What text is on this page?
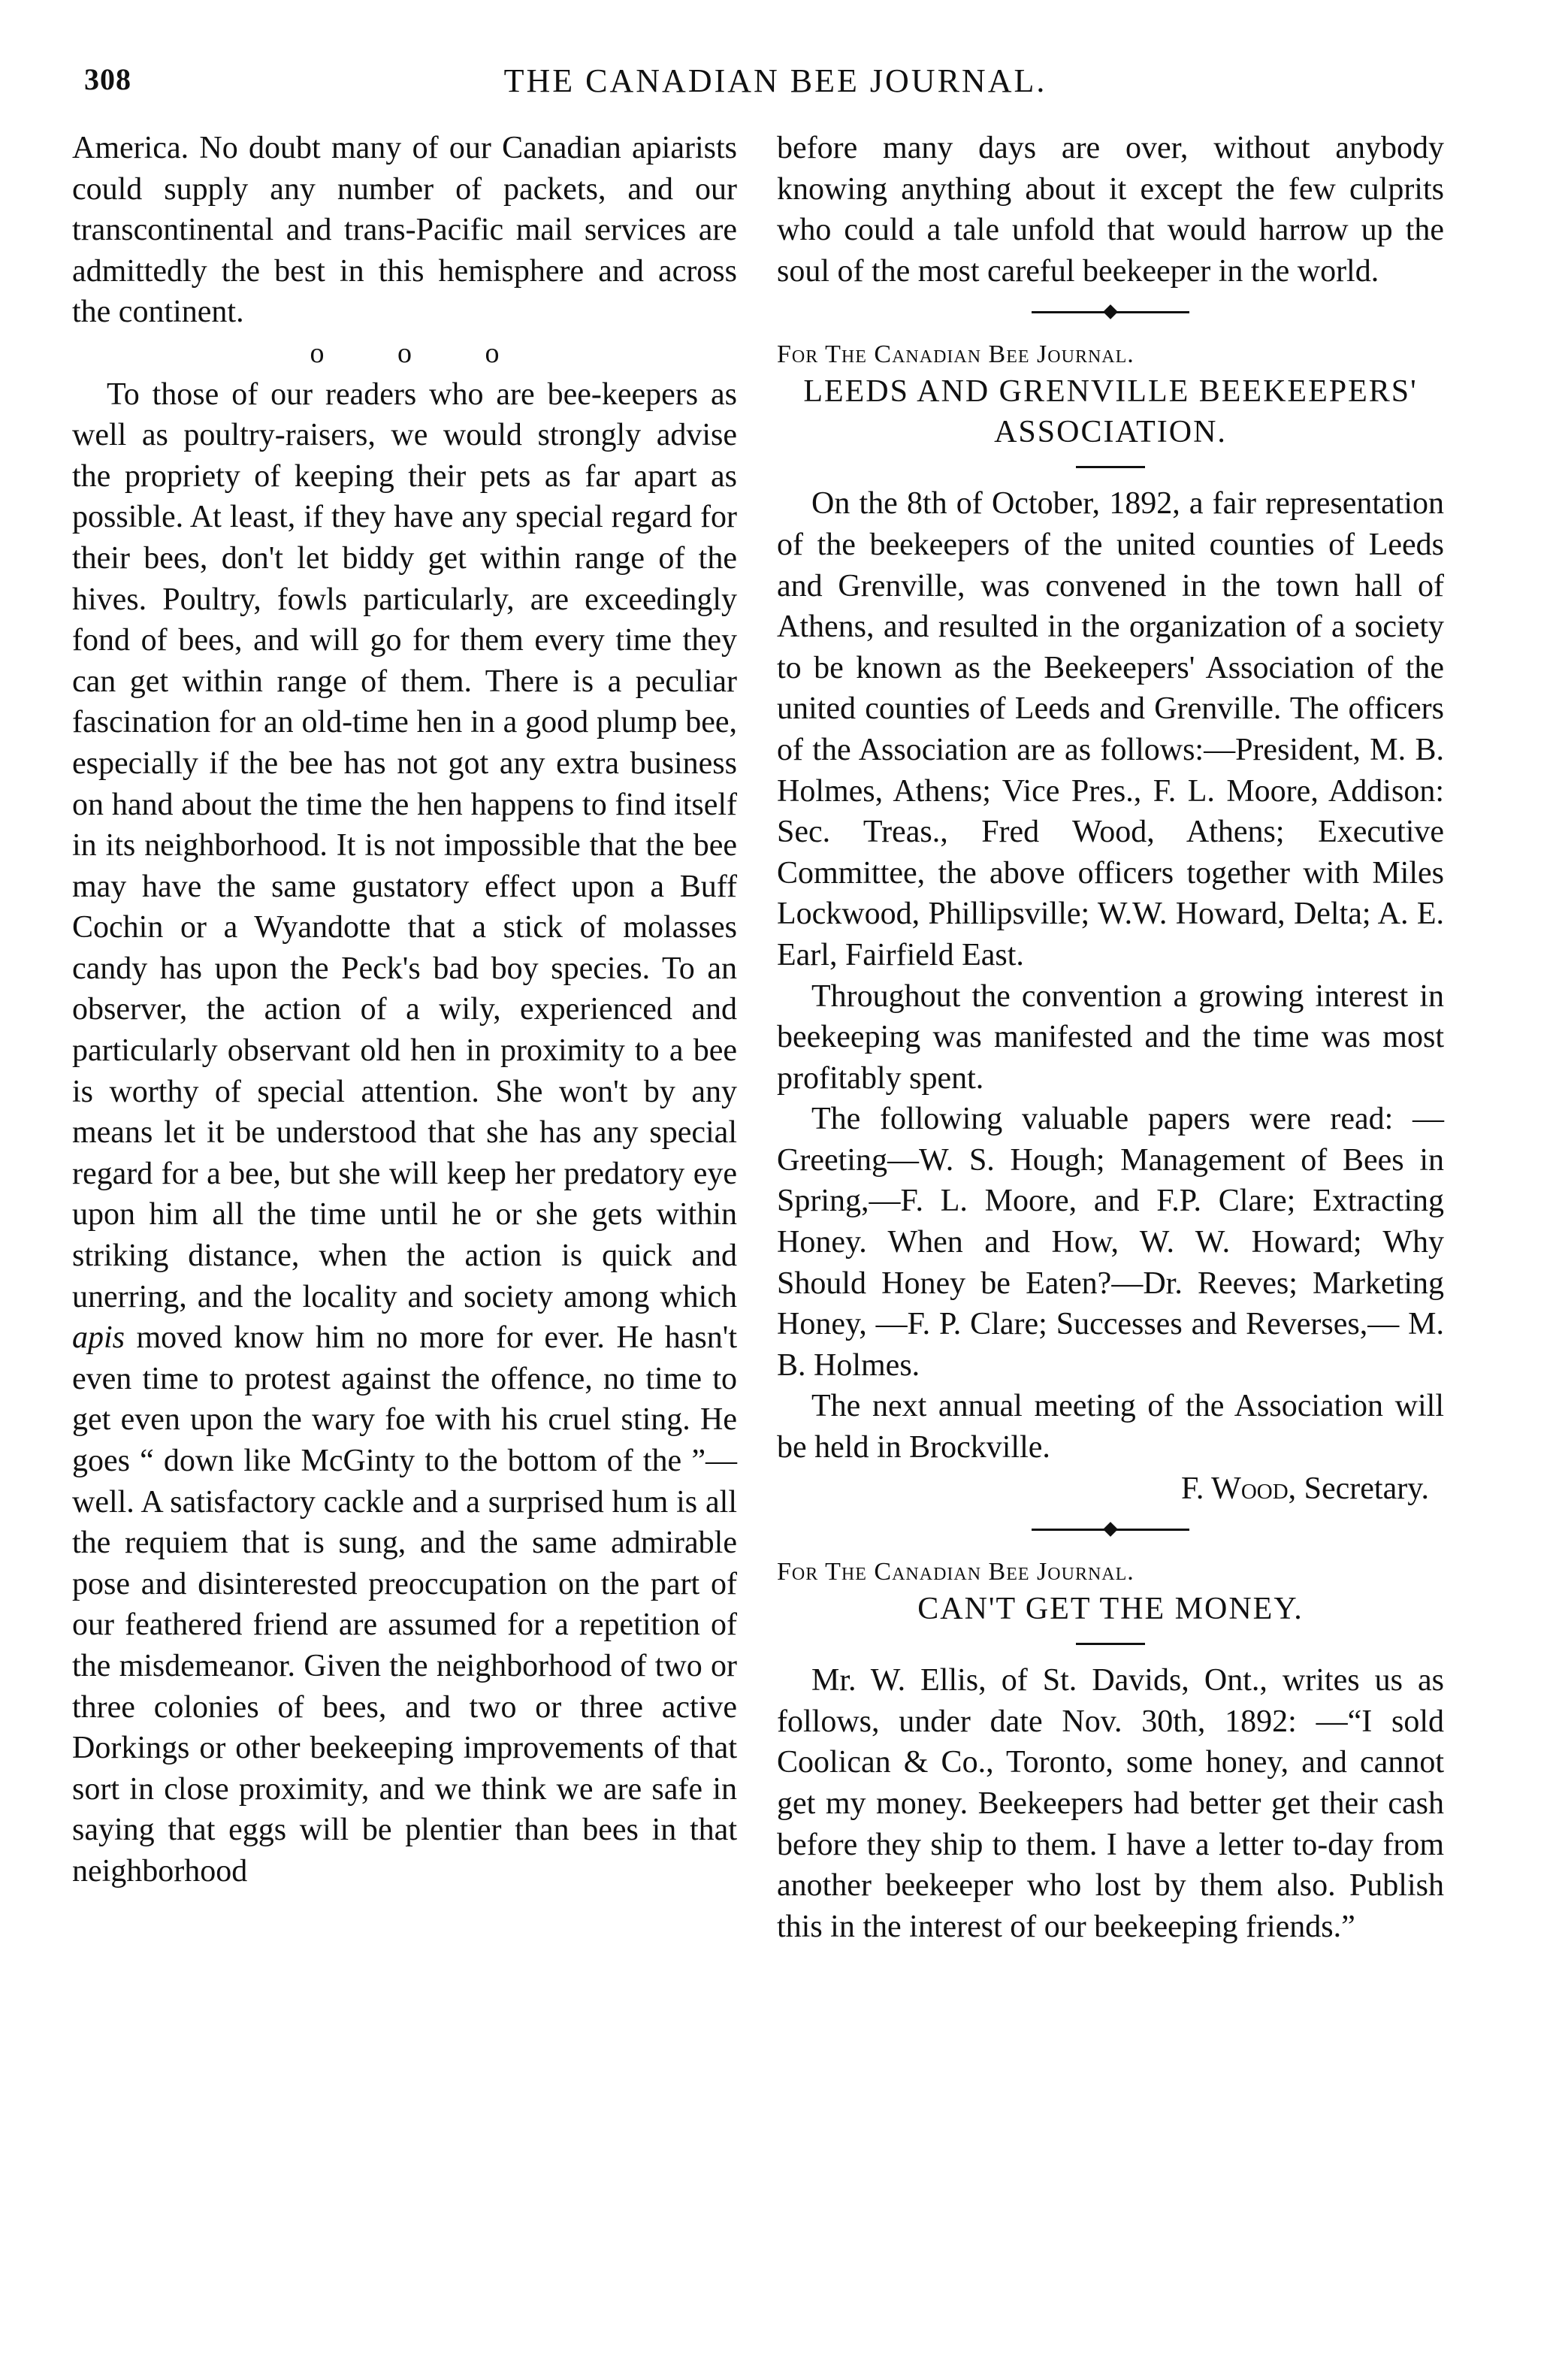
308	THE CANADIAN BEE JOURNAL.

America. No doubt many of our Canadian apiarists could supply any number of packets, and our transcontinental and trans-Pacific mail services are admittedly the best in this hemisphere and across the continent.

o o o

To those of our readers who are bee-keepers as well as poultry-raisers, we would strongly advise the propriety of keeping their pets as far apart as possible. At least, if they have any special regard for their bees, don't let biddy get within range of the hives. Poultry, fowls particularly, are exceedingly fond of bees, and will go for them every time they can get within range of them. There is a peculiar fascination for an old-time hen in a good plump bee, especially if the bee has not got any extra business on hand about the time the hen happens to find itself in its neighborhood. It is not impossible that the bee may have the same gustatory effect upon a Buff Cochin or a Wyandotte that a stick of molasses candy has upon the Peck's bad boy species. To an observer, the action of a wily, experienced and particularly observant old hen in proximity to a bee is worthy of special attention. She won't by any means let it be understood that she has any special regard for a bee, but she will keep her predatory eye upon him all the time until he or she gets within striking distance, when the action is quick and unerring, and the locality and society among which apis moved know him no more for ever. He hasn't even time to protest against the offence, no time to get even upon the wary foe with his cruel sting. He goes “ down like McGinty to the bottom of the ”—well. A satisfactory cackle and a surprised hum is all the requiem that is sung, and the same admirable pose and disinterested preoccupation on the part of our feathered friend are assumed for a repetition of the misdemeanor. Given the neighborhood of two or three colonies of bees, and two or three active Dorkings or other beekeeping improvements of that sort in close proximity, and we think we are safe in saying that eggs will be plentier than bees in that neighborhood

before many days are over, without anybody knowing anything about it except the few culprits who could a tale unfold that would harrow up the soul of the most careful beekeeper in the world.

For The Canadian Bee Journal.
LEEDS AND GRENVILLE BEEKEEPERS' ASSOCIATION.

On the 8th of October, 1892, a fair representation of the beekeepers of the united counties of Leeds and Grenville, was convened in the town hall of Athens, and resulted in the organization of a society to be known as the Beekeepers' Association of the united counties of Leeds and Grenville. The officers of the Association are as follows:—President, M. B. Holmes, Athens; Vice Pres., F. L. Moore, Addison: Sec. Treas., Fred Wood, Athens; Executive Committee, the above officers together with Miles Lockwood, Phillipsville; W.W. Howard, Delta; A. E. Earl, Fairfield East.

Throughout the convention a growing interest in beekeeping was manifested and the time was most profitably spent.

The following valuable papers were read: —Greeting—W. S. Hough; Management of Bees in Spring,—F. L. Moore, and F.P. Clare; Extracting Honey. When and How, W. W. Howard; Why Should Honey be Eaten?—Dr. Reeves; Marketing Honey, —F. P. Clare; Successes and Reverses,— M. B. Holmes.

The next annual meeting of the Association will be held in Brockville.

F. Wood, Secretary.
For The Canadian Bee Journal.
CAN'T GET THE MONEY.

Mr. W. Ellis, of St. Davids, Ont., writes us as follows, under date Nov. 30th, 1892: —“I sold Coolican & Co., Toronto, some honey, and cannot get my money. Beekeepers had better get their cash before they ship to them. I have a letter to-day from another beekeeper who lost by them also. Publish this in the interest of our beekeeping friends.”
